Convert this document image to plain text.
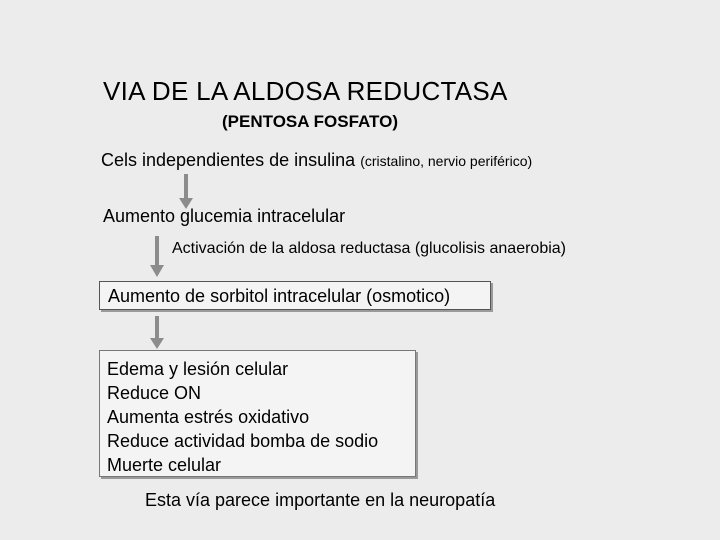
VIA DE LA ALDOSA REDUCTASA
(PENTOSA FOSFATO)
Cels independientes de insulina (cristalino, nervio periférico)
Aumento glucemia intracelular
Activación de la aldosa reductasa (glucolisis anaerobia)
Aumento de sorbitol intracelular (osmotico)
Edema y lesión celular
Reduce ON
Aumenta estrés oxidativo
Reduce actividad bomba de sodio
Muerte celular
Esta vía parece importante en la neuropatía
